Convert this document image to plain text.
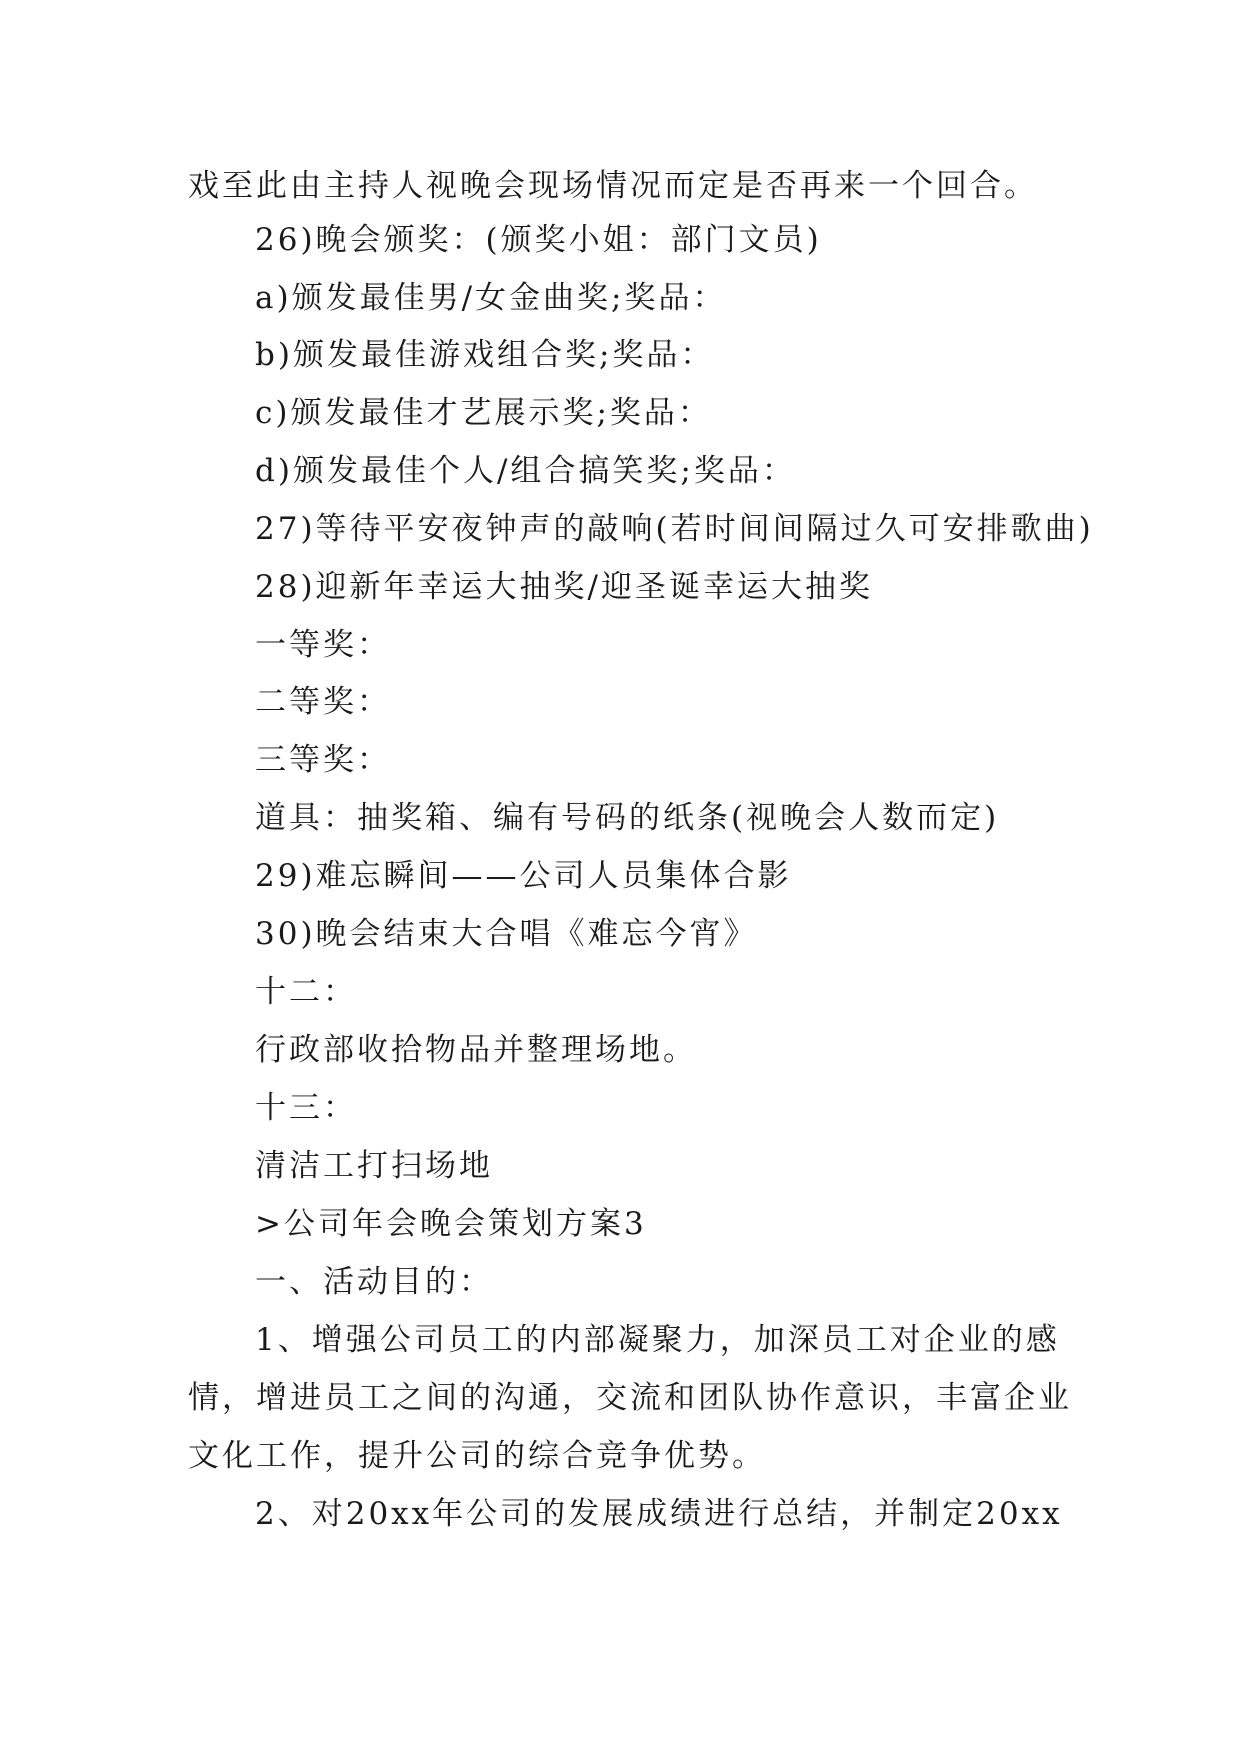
戏至此由主持人视晚会现场情况而定是否再来一个回合。
26)晚会颁奖：(颁奖小姐：部门文员)
a)颁发最佳男/女金曲奖;奖品：
b)颁发最佳游戏组合奖;奖品：
c)颁发最佳才艺展示奖;奖品：
d)颁发最佳个人/组合搞笑奖;奖品：
27)等待平安夜钟声的敲响(若时间间隔过久可安排歌曲)
28)迎新年幸运大抽奖/迎圣诞幸运大抽奖
一等奖：
二等奖：
三等奖：
道具：抽奖箱、编有号码的纸条(视晚会人数而定)
29)难忘瞬间——公司人员集体合影
30)晚会结束大合唱《难忘今宵》
十二：
行政部收拾物品并整理场地。
十三：
清洁工打扫场地
>公司年会晚会策划方案3
一、活动目的：
1、增强公司员工的内部凝聚力，加深员工对企业的感
情，增进员工之间的沟通，交流和团队协作意识，丰富企业
文化工作，提升公司的综合竞争优势。
2、对20xx年公司的发展成绩进行总结，并制定20xx
